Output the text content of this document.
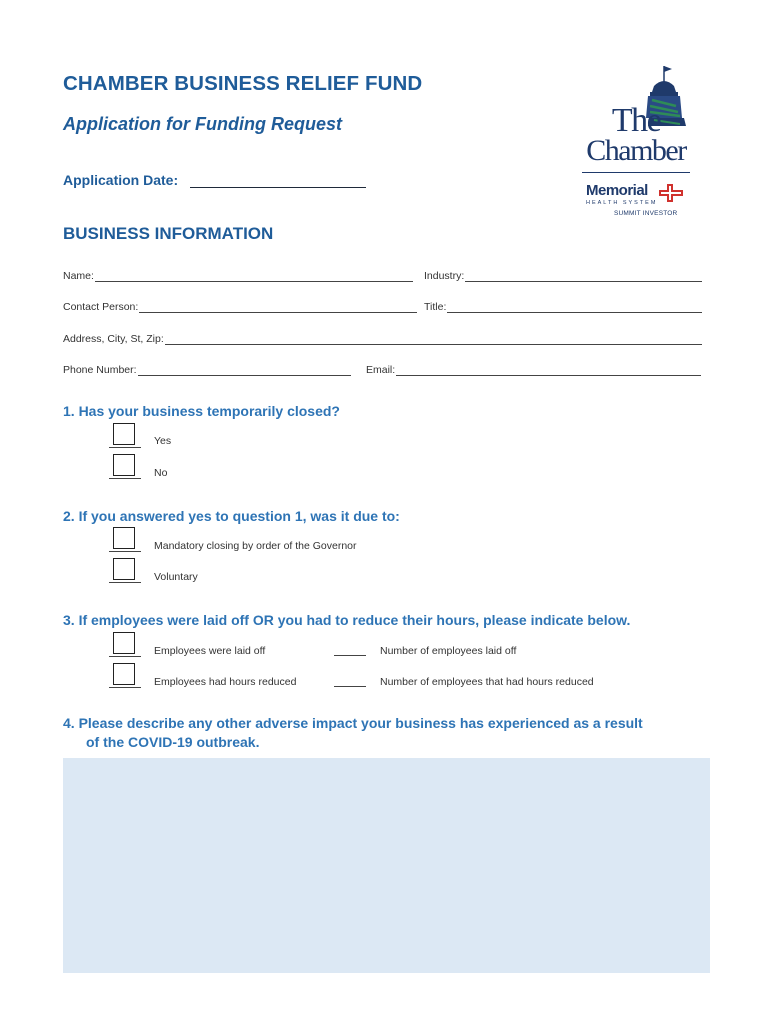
CHAMBER BUSINESS RELIEF FUND
Application for Funding Request
Application Date:
The
Chamber
Memorial
HEALTH SYSTEM
SUMMIT INVESTOR
BUSINESS INFORMATION
Name:	Industry:
Contact Person:	Title:
Address, City, St, Zip:
Phone Number:	Email:
1. Has your business temporarily closed?
Yes
No
2. If you answered yes to question 1, was it due to:
Mandatory closing by order of the Governor
Voluntary
3. If employees were laid off OR you had to reduce their hours, please indicate below.
Employees were laid off	Number of employees laid off
Employees had hours reduced	Number of employees that had hours reduced
4. Please describe any other adverse impact your business has experienced as a result
of the COVID-19 outbreak.
